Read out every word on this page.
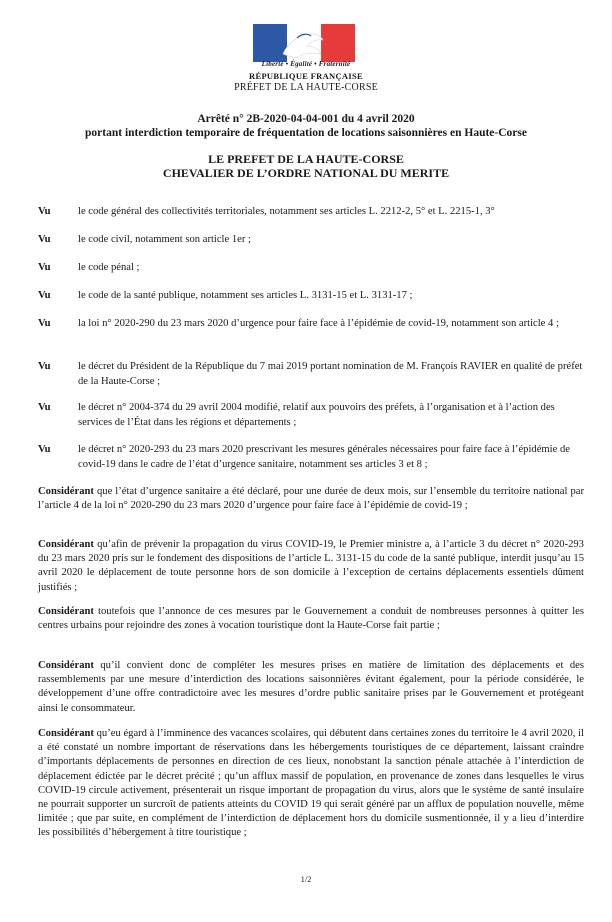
Liberté • Égalité • Fraternité
RÉPUBLIQUE FRANÇAISE
PRÉFET DE LA HAUTE-CORSE
Arrêté n° 2B-2020-04-04-001 du 4 avril 2020
portant interdiction temporaire de fréquentation de locations saisonnières en Haute-Corse
LE PREFET DE LA HAUTE-CORSE
CHEVALIER DE L’ORDRE NATIONAL DU MERITE
Vu	le code général des collectivités territoriales, notamment ses articles L. 2212-2, 5° et L. 2215-1, 3°
Vu	le code civil, notamment son article 1er ;
Vu	le code pénal ;
Vu	le code de la santé publique, notamment ses articles L. 3131-15 et L. 3131-17 ;
Vu	la loi n° 2020-290 du 23 mars 2020 d’urgence pour faire face à l’épidémie de covid-19, notamment son article 4 ;
Vu	le décret du Président de la République du 7 mai 2019 portant nomination de M. François RAVIER en qualité de préfet de la Haute-Corse ;
Vu	le décret n° 2004-374 du 29 avril 2004 modifié, relatif aux pouvoirs des préfets, à l’organisation et à l’action des services de l’État dans les régions et départements ;
Vu	le décret n° 2020-293 du 23 mars 2020 prescrivant les mesures générales nécessaires pour faire face à l’épidémie de covid-19 dans le cadre de l’état d’urgence sanitaire, notamment ses articles 3 et 8 ;
Considérant que l’état d’urgence sanitaire a été déclaré, pour une durée de deux mois, sur l’ensemble du territoire national par l’article 4 de la loi n° 2020-290 du 23 mars 2020 d’urgence pour faire face à l’épidémie de covid-19 ;
Considérant qu’afin de prévenir la propagation du virus COVID-19, le Premier ministre a, à l’article 3 du décret n° 2020-293 du 23 mars 2020 pris sur le fondement des dispositions de l’article L. 3131-15 du code de la santé publique, interdit jusqu’au 15 avril 2020 le déplacement de toute personne hors de son domicile à l’exception de certains déplacements essentiels dûment justifiés ;
Considérant toutefois que l’annonce de ces mesures par le Gouvernement a conduit de nombreuses personnes à quitter les centres urbains pour rejoindre des zones à vocation touristique dont la Haute-Corse fait partie ;
Considérant qu’il convient donc de compléter les mesures prises en matière de limitation des déplacements et des rassemblements par une mesure d’interdiction des locations saisonnières évitant également, pour la période considérée, le développement d’une offre contradictoire avec les mesures d’ordre public sanitaire prises par le Gouvernement et protégeant ainsi le consommateur.
Considérant qu’eu égard à l’imminence des vacances scolaires, qui débutent dans certaines zones du territoire le 4 avril 2020, il a été constaté un nombre important de réservations dans les hébergements touristiques de ce département, laissant craindre d’importants déplacements de personnes en direction de ces lieux, nonobstant la sanction pénale attachée à l’interdiction de déplacement édictée par le décret précité ; qu’un afflux massif de population, en provenance de zones dans lesquelles le virus COVID-19 circule activement, présenterait un risque important de propagation du virus, alors que le système de santé insulaire ne pourrait supporter un surcroît de patients atteints du COVID 19 qui serait généré par un afflux de population nouvelle, même limitée ; que par suite, en complément de l’interdiction de déplacement hors du domicile susmentionnée, il y a lieu d’interdire les possibilités d’hébergement à titre touristique ;
1/2
